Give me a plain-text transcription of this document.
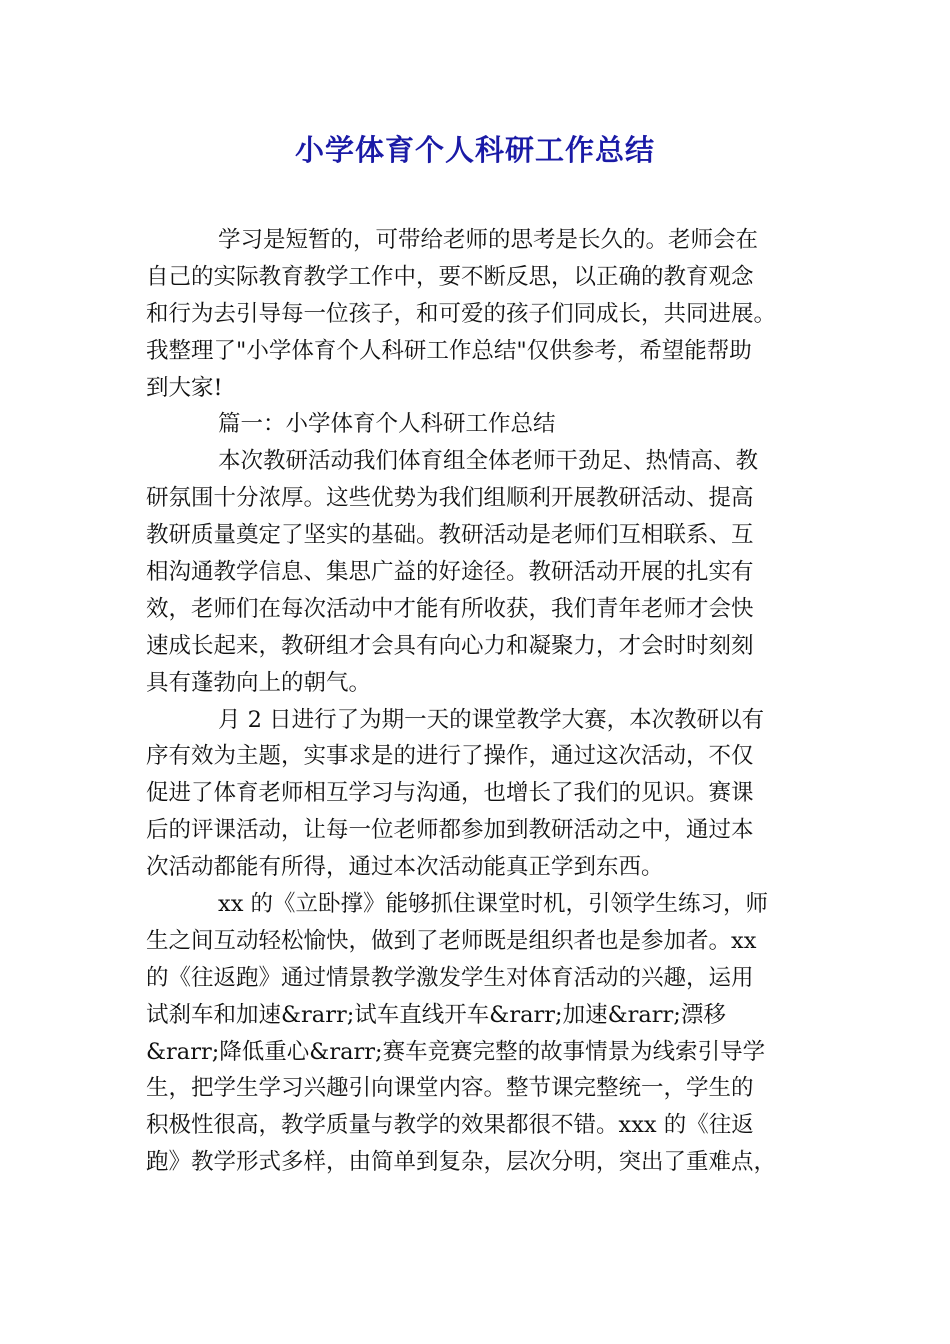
小学体育个人科研工作总结
学习是短暂的，可带给老师的思考是长久的。老师会在
自己的实际教育教学工作中，要不断反思，以正确的教育观念
和行为去引导每一位孩子，和可爱的孩子们同成长，共同进展。
我整理了"小学体育个人科研工作总结"仅供参考，希望能帮助
到大家!
篇一：小学体育个人科研工作总结
本次教研活动我们体育组全体老师干劲足、热情高、教
研氛围十分浓厚。这些优势为我们组顺利开展教研活动、提高
教研质量奠定了坚实的基础。教研活动是老师们互相联系、互
相沟通教学信息、集思广益的好途径。教研活动开展的扎实有
效，老师们在每次活动中才能有所收获，我们青年老师才会快
速成长起来，教研组才会具有向心力和凝聚力，才会时时刻刻
具有蓬勃向上的朝气。
月 2 日进行了为期一天的课堂教学大赛，本次教研以有
序有效为主题，实事求是的进行了操作，通过这次活动，不仅
促进了体育老师相互学习与沟通，也增长了我们的见识。赛课
后的评课活动，让每一位老师都参加到教研活动之中，通过本
次活动都能有所得，通过本次活动能真正学到东西。
xx 的《立卧撑》能够抓住课堂时机，引领学生练习，师
生之间互动轻松愉快，做到了老师既是组织者也是参加者。xx
的《往返跑》通过情景教学激发学生对体育活动的兴趣，运用
试刹车和加速&rarr;试车直线开车&rarr;加速&rarr;漂移
&rarr;降低重心&rarr;赛车竞赛完整的故事情景为线索引导学
生，把学生学习兴趣引向课堂内容。整节课完整统一，学生的
积极性很高，教学质量与教学的效果都很不错。xxx 的《往返
跑》教学形式多样，由简单到复杂，层次分明，突出了重难点，
